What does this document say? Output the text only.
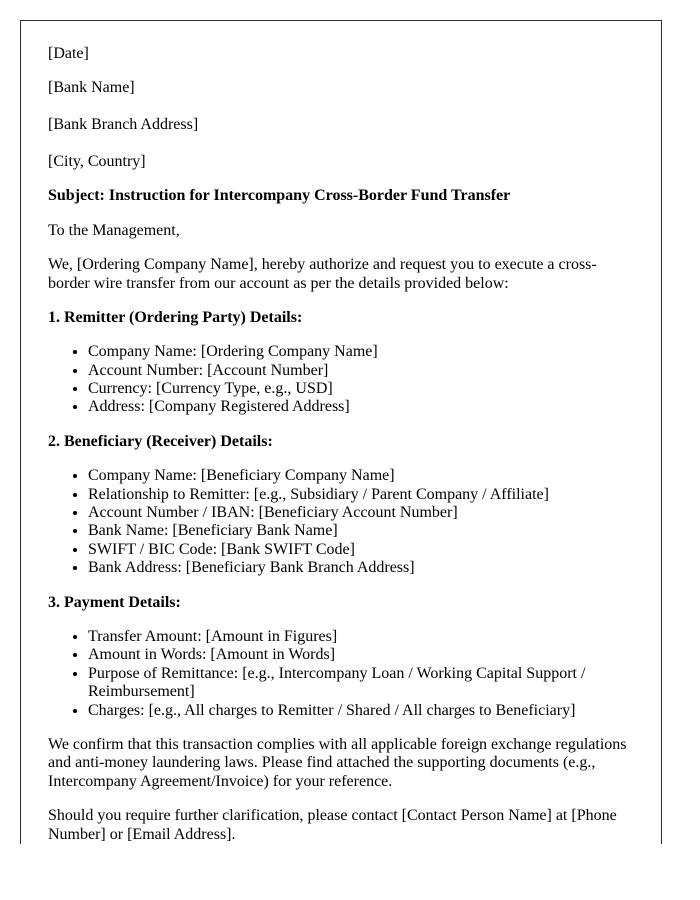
[Date]

[Bank Name]

[Bank Branch Address]

[City, Country]

Subject: Instruction for Intercompany Cross-Border Fund Transfer

To the Management,

We, [Ordering Company Name], hereby authorize and request you to execute a cross-border wire transfer from our account as per the details provided below:

1. Remitter (Ordering Party) Details:

• Company Name: [Ordering Company Name]
• Account Number: [Account Number]
• Currency: [Currency Type, e.g., USD]
• Address: [Company Registered Address]

2. Beneficiary (Receiver) Details:

• Company Name: [Beneficiary Company Name]
• Relationship to Remitter: [e.g., Subsidiary / Parent Company / Affiliate]
• Account Number / IBAN: [Beneficiary Account Number]
• Bank Name: [Beneficiary Bank Name]
• SWIFT / BIC Code: [Bank SWIFT Code]
• Bank Address: [Beneficiary Bank Branch Address]

3. Payment Details:

• Transfer Amount: [Amount in Figures]
• Amount in Words: [Amount in Words]
• Purpose of Remittance: [e.g., Intercompany Loan / Working Capital Support / Reimbursement]
• Charges: [e.g., All charges to Remitter / Shared / All charges to Beneficiary]

We confirm that this transaction complies with all applicable foreign exchange regulations and anti-money laundering laws. Please find attached the supporting documents (e.g., Intercompany Agreement/Invoice) for your reference.

Should you require further clarification, please contact [Contact Person Name] at [Phone Number] or [Email Address].
